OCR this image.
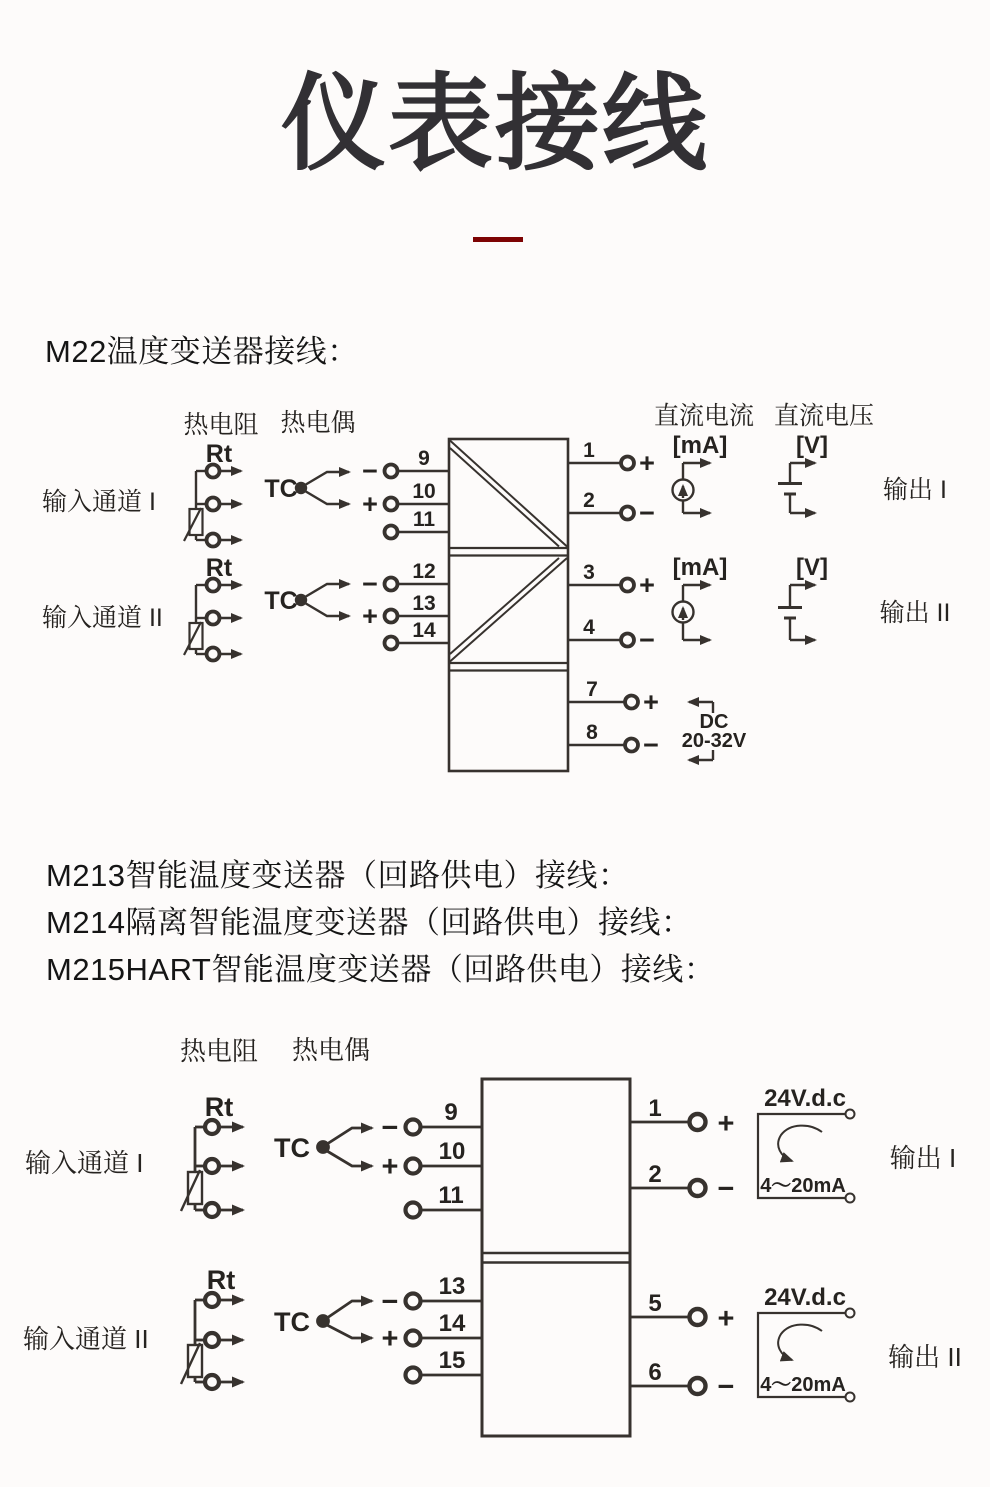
仪表接线
M22温度变送器接线：
热电阻 热电偶
Rt
输入通道 I	TC
−
+
9
10
11
Rt
输入通道 II
TC
−
+
12
13
14
1 +
2 −
3 +
4 −
7 +
8 −
直流电流
[mA]
直流电压
[V]
[mA]	[V]
输出 I
输出 II
DC
20-32V
M213智能温度变送器（回路供电）接线：
M214隔离智能温度变送器（回路供电）接线：
M215HART智能温度变送器（回路供电）接线：
热电阻 热电偶
Rt
输入通道 I	TC
−
+
9
10
11
Rt
输入通道 II
TC
−
+
13
14
15
1 +
2 −
5 +
6 −
24V.d.c
4～20mA
输出 I
24V.d.c
4～20mA
输出 II
